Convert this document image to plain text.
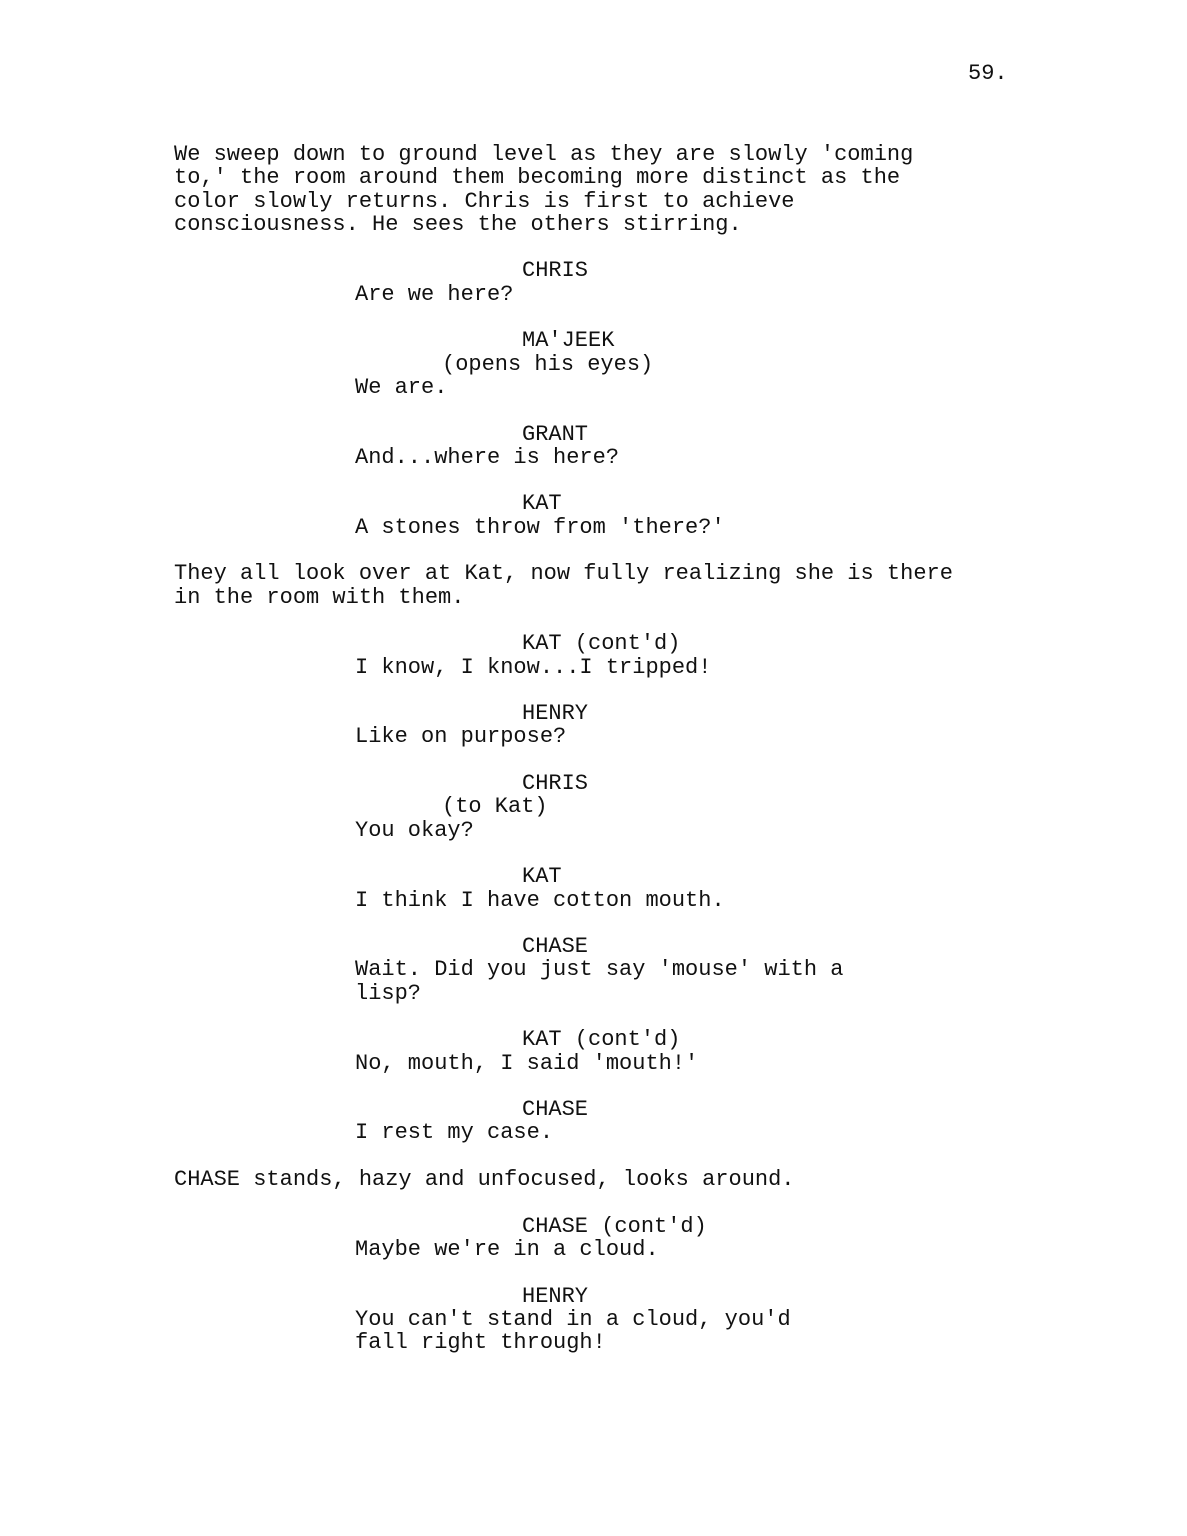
59.
We sweep down to ground level as they are slowly 'coming
to,' the room around them becoming more distinct as the
color slowly returns. Chris is first to achieve
consciousness. He sees the others stirring.
CHRIS
Are we here?
MA'JEEK
(opens his eyes)
We are.
GRANT
And...where is here?
KAT
A stones throw from 'there?'
They all look over at Kat, now fully realizing she is there
in the room with them.
KAT (cont'd)
I know, I know...I tripped!
HENRY
Like on purpose?
CHRIS
(to Kat)
You okay?
KAT
I think I have cotton mouth.
CHASE
Wait. Did you just say 'mouse' with a
lisp?
KAT (cont'd)
No, mouth, I said 'mouth!'
CHASE
I rest my case.
CHASE stands, hazy and unfocused, looks around.
CHASE (cont'd)
Maybe we're in a cloud.
HENRY
You can't stand in a cloud, you'd
fall right through!
